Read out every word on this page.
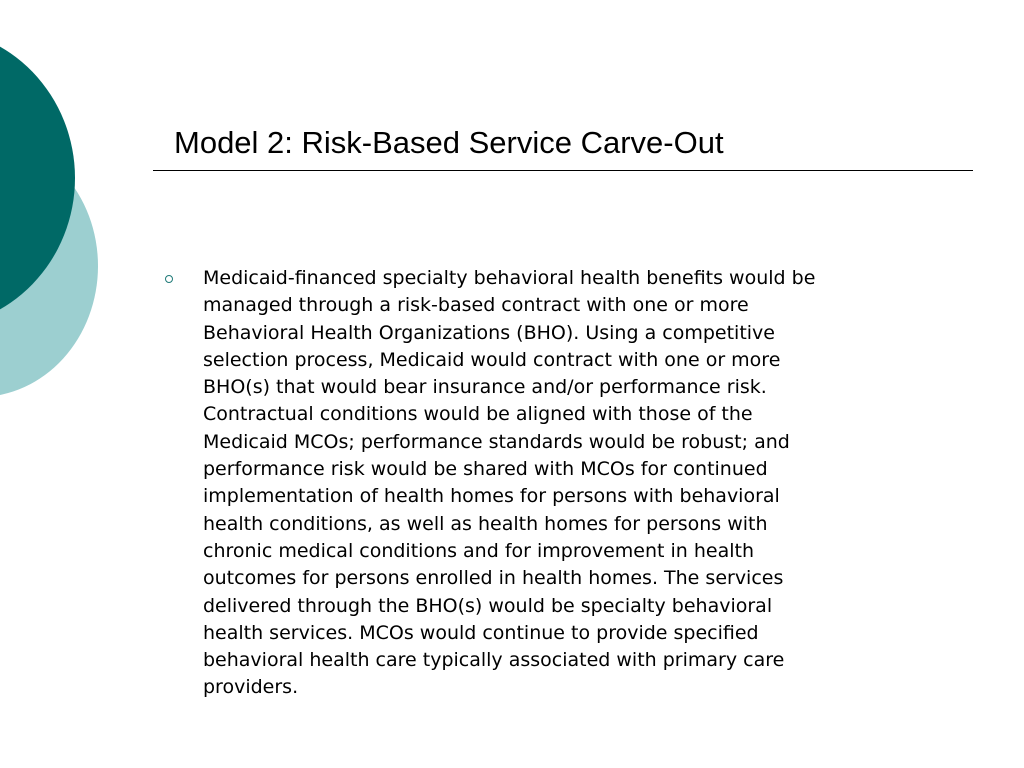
Model 2: Risk-Based Service Carve-Out

Medicaid-financed specialty behavioral health benefits would be
managed through a risk-based contract with one or more
Behavioral Health Organizations (BHO). Using a competitive
selection process, Medicaid would contract with one or more
BHO(s) that would bear insurance and/or performance risk.
Contractual conditions would be aligned with those of the
Medicaid MCOs; performance standards would be robust; and
performance risk would be shared with MCOs for continued
implementation of health homes for persons with behavioral
health conditions, as well as health homes for persons with
chronic medical conditions and for improvement in health
outcomes for persons enrolled in health homes. The services
delivered through the BHO(s) would be specialty behavioral
health services. MCOs would continue to provide specified
behavioral health care typically associated with primary care
providers.
